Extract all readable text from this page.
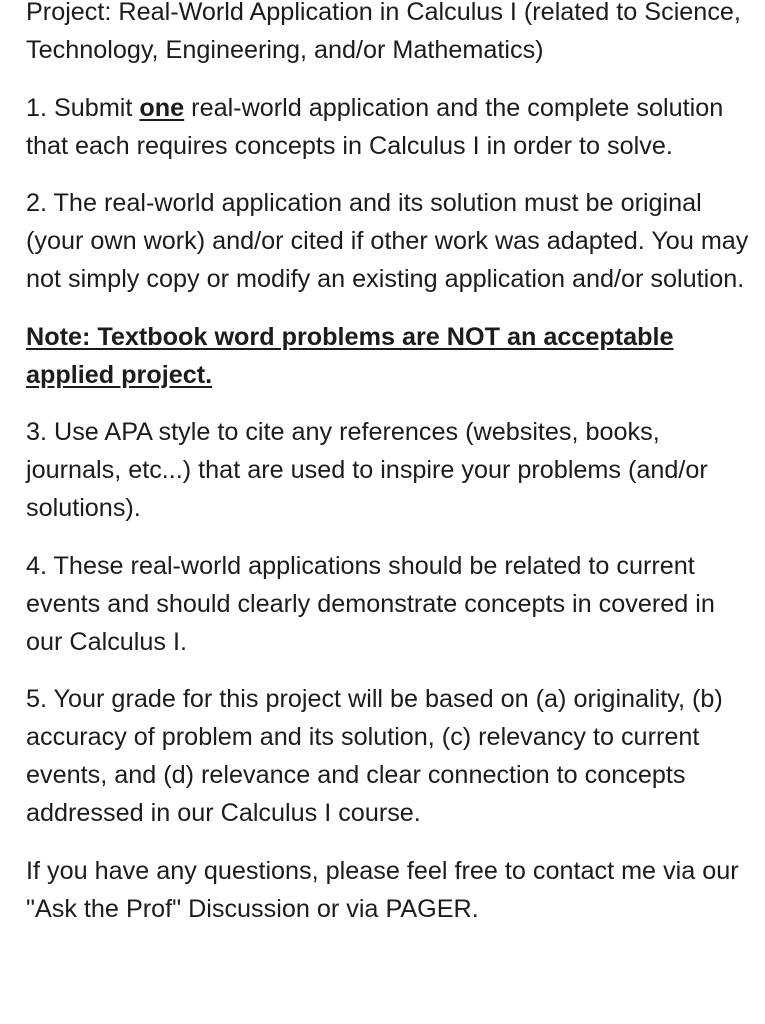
Project: Real-World Application in Calculus I (related to Science, Technology, Engineering, and/or Mathematics)

1. Submit one real-world application and the complete solution that each requires concepts in Calculus I in order to solve.

2. The real-world application and its solution must be original (your own work) and/or cited if other work was adapted. You may not simply copy or modify an existing application and/or solution.

Note: Textbook word problems are NOT an acceptable applied project.

3. Use APA style to cite any references (websites, books, journals, etc...) that are used to inspire your problems (and/or solutions).

4. These real-world applications should be related to current events and should clearly demonstrate concepts in covered in our Calculus I.

5. Your grade for this project will be based on (a) originality, (b) accuracy of problem and its solution, (c) relevancy to current events, and (d) relevance and clear connection to concepts addressed in our Calculus I course.

If you have any questions, please feel free to contact me via our "Ask the Prof" Discussion or via PAGER.
